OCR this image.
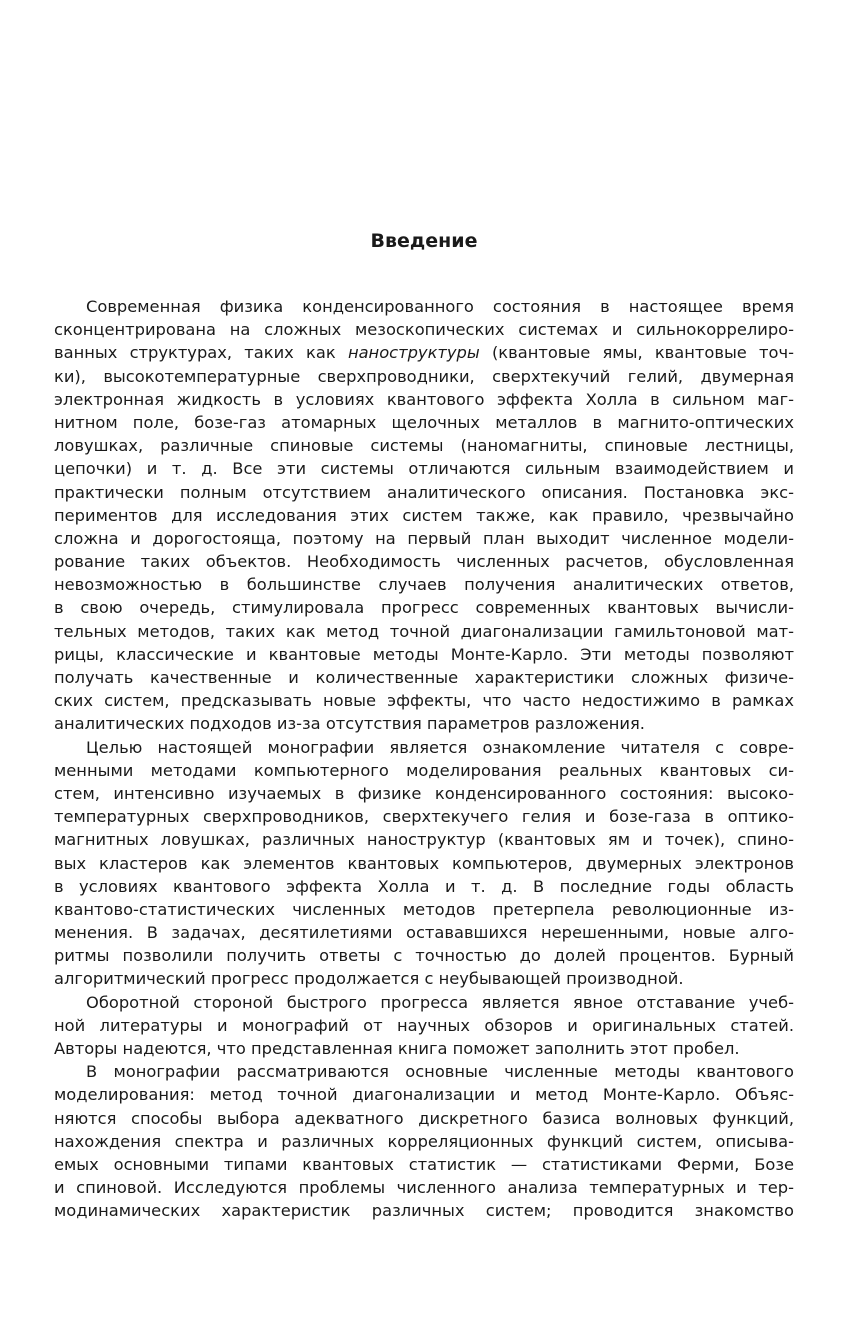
Введение
Современная физика конденсированного состояния в настоящее время
сконцентрирована на сложных мезоскопических системах и сильнокоррелиро-
ванных структурах, таких как наноструктуры (квантовые ямы, квантовые точ-
ки), высокотемпературные сверхпроводники, сверхтекучий гелий, двумерная
электронная жидкость в условиях квантового эффекта Холла в сильном маг-
нитном поле, бозе-газ атомарных щелочных металлов в магнито-оптических
ловушках, различные спиновые системы (наномагниты, спиновые лестницы,
цепочки) и т. д. Все эти системы отличаются сильным взаимодействием и
практически полным отсутствием аналитического описания. Постановка экс-
периментов для исследования этих систем также, как правило, чрезвычайно
сложна и дорогостояща, поэтому на первый план выходит численное модели-
рование таких объектов. Необходимость численных расчетов, обусловленная
невозможностью в большинстве случаев получения аналитических ответов,
в свою очередь, стимулировала прогресс современных квантовых вычисли-
тельных методов, таких как метод точной диагонализации гамильтоновой мат-
рицы, классические и квантовые методы Монте-Карло. Эти методы позволяют
получать качественные и количественные характеристики сложных физиче-
ских систем, предсказывать новые эффекты, что часто недостижимо в рамках
аналитических подходов из-за отсутствия параметров разложения.
Целью настоящей монографии является ознакомление читателя с совре-
менными методами компьютерного моделирования реальных квантовых си-
стем, интенсивно изучаемых в физике конденсированного состояния: высоко-
температурных сверхпроводников, сверхтекучего гелия и бозе-газа в оптико-
магнитных ловушках, различных наноструктур (квантовых ям и точек), спино-
вых кластеров как элементов квантовых компьютеров, двумерных электронов
в условиях квантового эффекта Холла и т. д. В последние годы область
квантово-статистических численных методов претерпела революционные из-
менения. В задачах, десятилетиями остававшихся нерешенными, новые алго-
ритмы позволили получить ответы с точностью до долей процентов. Бурный
алгоритмический прогресс продолжается с неубывающей производной.
Оборотной стороной быстрого прогресса является явное отставание учеб-
ной литературы и монографий от научных обзоров и оригинальных статей.
Авторы надеются, что представленная книга поможет заполнить этот пробел.
В монографии рассматриваются основные численные методы квантового
моделирования: метод точной диагонализации и метод Монте-Карло. Объяс-
няются способы выбора адекватного дискретного базиса волновых функций,
нахождения спектра и различных корреляционных функций систем, описыва-
емых основными типами квантовых статистик — статистиками Ферми, Бозе
и спиновой. Исследуются проблемы численного анализа температурных и тер-
модинамических характеристик различных систем; проводится знакомство
